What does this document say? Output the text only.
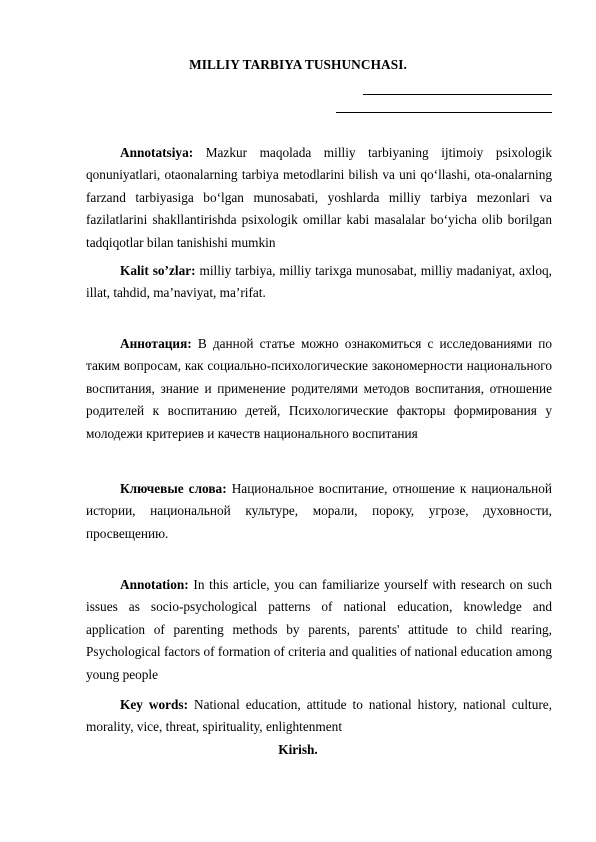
MILLIY TARBIYA TUSHUNCHASI.

Annotatsiya: Mazkur maqolada milliy tarbiyaning ijtimoiy psixologik qonuniyatlari, otaonalarning tarbiya metodlarini bilish va uni qo‘llashi, ota-onalarning farzand tarbiyasiga bo‘lgan munosabati, yoshlarda milliy tarbiya mezonlari va fazilatlarini shakllantirishda psixologik omillar kabi masalalar bo‘yicha olib borilgan tadqiqotlar bilan tanishishi mumkin

Kalit so’zlar: milliy tarbiya, milliy tarixga munosabat, milliy madaniyat, axloq, illat, tahdid, ma’naviyat, ma’rifat.

Аннотация: В данной статье можно ознакомиться с исследованиями по таким вопросам, как социально-психологические закономерности национального воспитания, знание и применение родителями методов воспитания, отношение родителей к воспитанию детей, Психологические факторы формирования у молодежи критериев и качеств национального воспитания

Ключевые слова: Национальное воспитание, отношение к национальной истории, национальной культуре, морали, пороку, угрозе, духовности, просвещению.

Annotation: In this article, you can familiarize yourself with research on such issues as socio-psychological patterns of national education, knowledge and application of parenting methods by parents, parents' attitude to child rearing, Psychological factors of formation of criteria and qualities of national education among young people

Key words: National education, attitude to national history, national culture, morality, vice, threat, spirituality, enlightenment

Kirish.
